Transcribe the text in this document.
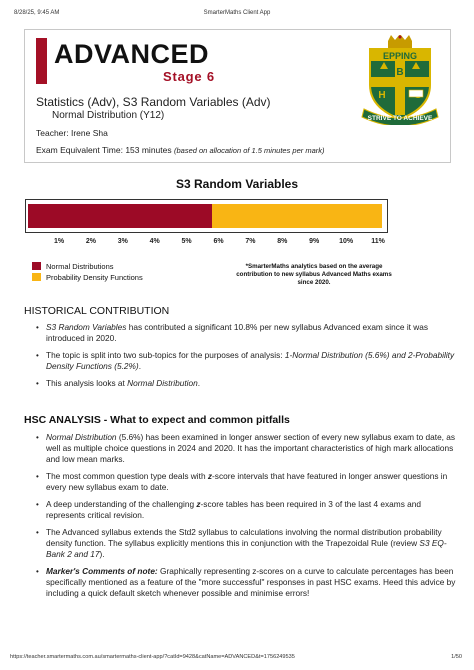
8/28/25, 9:45 AM	SmarterMaths Client App
ADVANCED
Stage 6
Statistics (Adv), S3 Random Variables (Adv)
Normal Distribution (Y12)
Teacher: Irene Sha
Exam Equivalent Time: 153 minutes (based on allocation of 1.5 minutes per mark)
EPPING
B
H
STRIVE TO ACHIEVE
S3 Random Variables
1%	2%	3%	4%	5%	6%	7%	8%	9%	10%	11%
Normal Distributions
Probability Density Functions
*SmarterMaths analytics based on the average contribution to new syllabus Advanced Maths exams since 2020.
HISTORICAL CONTRIBUTION
• S3 Random Variables has contributed a significant 10.8% per new syllabus Advanced exam since it was introduced in 2020.
• The topic is split into two sub-topics for the purposes of analysis: 1-Normal Distribution (5.6%) and 2-Probability Density Functions (5.2%).
• This analysis looks at Normal Distribution.
HSC ANALYSIS - What to expect and common pitfalls
• Normal Distribution (5.6%) has been examined in longer answer section of every new syllabus exam to date, as well as multiple choice questions in 2024 and 2020. It has the important characteristics of high mark allocations and low mean marks.
• The most common question type deals with z-score intervals that have featured in longer answer questions in every new syllabus exam to date.
• A deep understanding of the challenging z-score tables has been required in 3 of the last 4 exams and represents critical revision.
• The Advanced syllabus extends the Std2 syllabus to calculations involving the normal distribution probability density function. The syllabus explicitly mentions this in conjunction with the Trapezoidal Rule (review S3 EQ-Bank 2 and 17).
• Marker's Comments of note: Graphically representing z-scores on a curve to calculate percentages has been specifically mentioned as a feature of the "more successful" responses in past HSC exams. Heed this advice by including a quick default sketch whenever possible and minimise errors!
https://teacher.smartermaths.com.au/smartermaths-client-app/?catId=9428&catName=ADVANCED&t=1756249535	1/50
